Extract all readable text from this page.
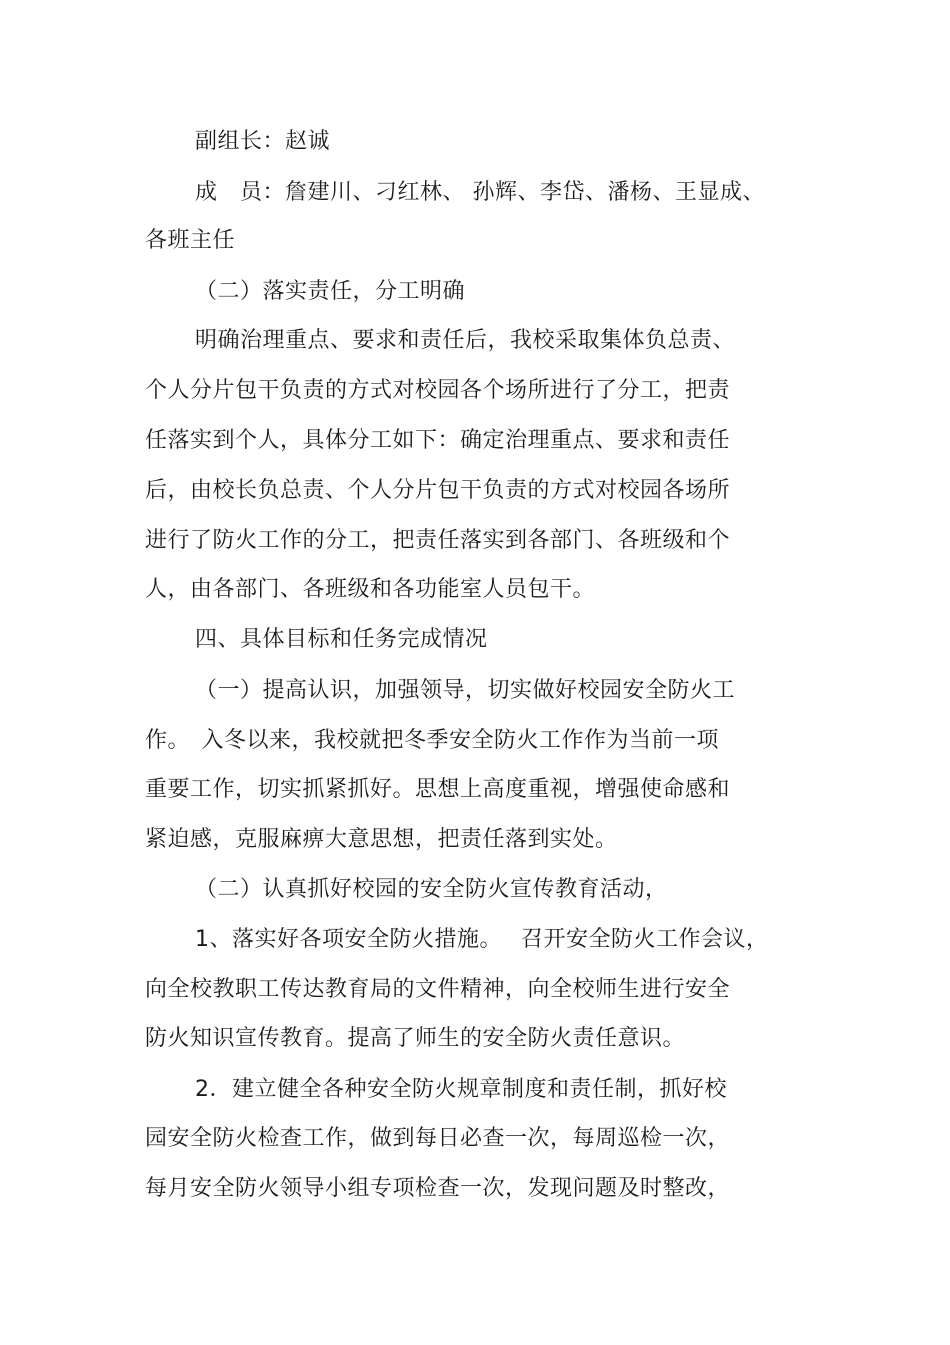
副组长：赵诚
成　员：詹建川、刁红林、 孙辉、李岱、潘杨、王显成、
各班主任
（二）落实责任，分工明确
明确治理重点、要求和责任后，我校采取集体负总责、
个人分片包干负责的方式对校园各个场所进行了分工，把责
任落实到个人，具体分工如下：确定治理重点、要求和责任
后，由校长负总责、个人分片包干负责的方式对校园各场所
进行了防火工作的分工，把责任落实到各部门、各班级和个
人，由各部门、各班级和各功能室人员包干。
四、具体目标和任务完成情况
（一）提高认识，加强领导，切实做好校园安全防火工
作。　入冬以来，我校就把冬季安全防火工作作为当前一项
重要工作，切实抓紧抓好。思想上高度重视，增强使命感和
紧迫感，克服麻痹大意思想，把责任落到实处。
（二）认真抓好校园的安全防火宣传教育活动，
1、落实好各项安全防火措施。　 召开安全防火工作会议，
向全校教职工传达教育局的文件精神，向全校师生进行安全
防火知识宣传教育。提高了师生的安全防火责任意识。
2．建立健全各种安全防火规章制度和责任制，抓好校
园安全防火检查工作，做到每日必查一次，每周巡检一次，
每月安全防火领导小组专项检查一次，发现问题及时整改，
